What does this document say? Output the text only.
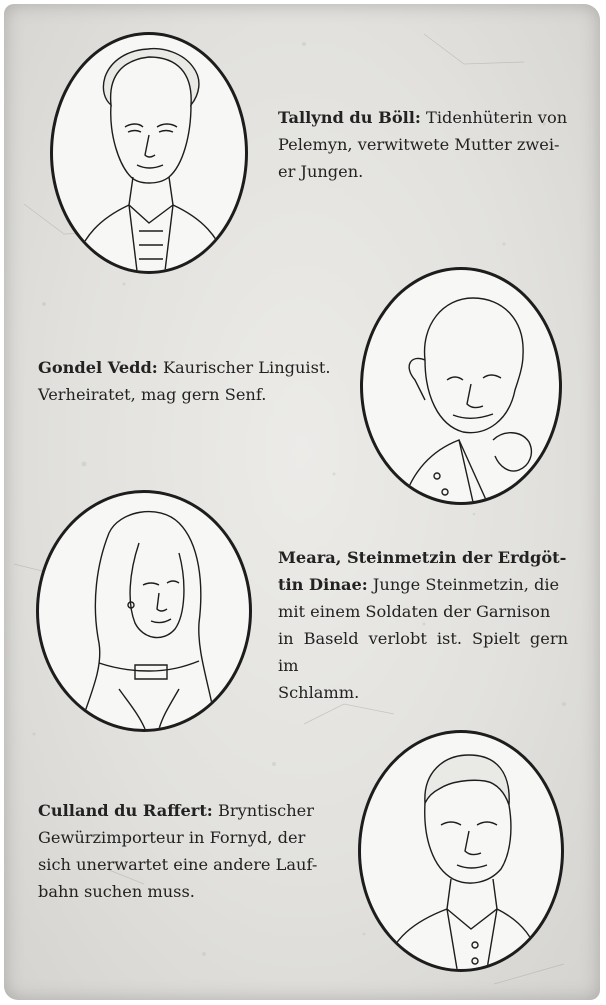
Tallynd du Böll: Tidenhüterin von
Pelemyn, verwitwete Mutter zwei-
er Jungen.
Gondel Vedd: Kaurischer Linguist.
Verheiratet, mag gern Senf.
Meara, Steinmetzin der Erdgöt-
tin Dinae: Junge Steinmetzin, die
mit einem Soldaten der Garnison
in Baseld verlobt ist. Spielt gern im
Schlamm.
Culland du Raffert: Bryntischer
Gewürzimporteur in Fornyd, der
sich unerwartet eine andere Lauf-
bahn suchen muss.
